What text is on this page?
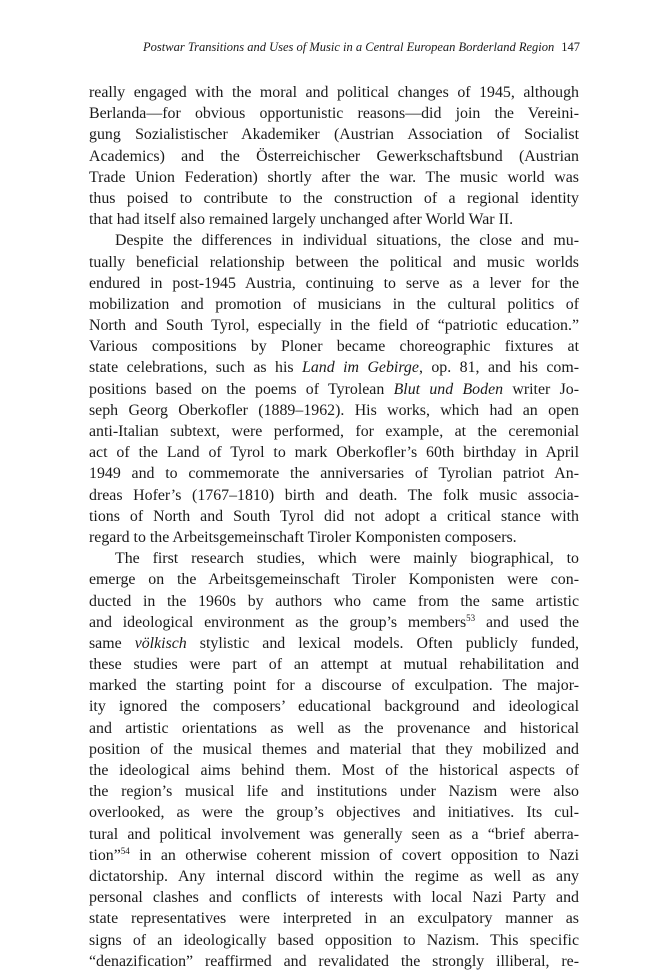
Postwar Transitions and Uses of Music in a Central European Borderland Region 147
really engaged with the moral and political changes of 1945, although
Berlanda—for obvious opportunistic reasons—did join the Vereini-
gung Sozialistischer Akademiker (Austrian Association of Socialist
Academics) and the Österreichischer Gewerkschaftsbund (Austrian
Trade Union Federation) shortly after the war. The music world was
thus poised to contribute to the construction of a regional identity
that had itself also remained largely unchanged after World War II.
Despite the differences in individual situations, the close and mu-
tually beneficial relationship between the political and music worlds
endured in post-1945 Austria, continuing to serve as a lever for the
mobilization and promotion of musicians in the cultural politics of
North and South Tyrol, especially in the field of “patriotic education.”
Various compositions by Ploner became choreographic fixtures at
state celebrations, such as his Land im Gebirge, op. 81, and his com-
positions based on the poems of Tyrolean Blut und Boden writer Jo-
seph Georg Oberkofler (1889–1962). His works, which had an open
anti-Italian subtext, were performed, for example, at the ceremonial
act of the Land of Tyrol to mark Oberkofler’s 60th birthday in April
1949 and to commemorate the anniversaries of Tyrolian patriot An-
dreas Hofer’s (1767–1810) birth and death. The folk music associa-
tions of North and South Tyrol did not adopt a critical stance with
regard to the Arbeitsgemeinschaft Tiroler Komponisten composers.
The first research studies, which were mainly biographical, to
emerge on the Arbeitsgemeinschaft Tiroler Komponisten were con-
ducted in the 1960s by authors who came from the same artistic
and ideological environment as the group’s members$^{53}$ and used the
same völkisch stylistic and lexical models. Often publicly funded,
these studies were part of an attempt at mutual rehabilitation and
marked the starting point for a discourse of exculpation. The major-
ity ignored the composers’ educational background and ideological
and artistic orientations as well as the provenance and historical
position of the musical themes and material that they mobilized and
the ideological aims behind them. Most of the historical aspects of
the region’s musical life and institutions under Nazism were also
overlooked, as were the group’s objectives and initiatives. Its cul-
tural and political involvement was generally seen as a “brief aberra-
tion”$^{54}$ in an otherwise coherent mission of covert opposition to Nazi
dictatorship. Any internal discord within the regime as well as any
personal clashes and conflicts of interests with local Nazi Party and
state representatives were interpreted in an exculpatory manner as
signs of an ideologically based opposition to Nazism. This specific
“denazification” reaffirmed and revalidated the strongly illiberal, re-
